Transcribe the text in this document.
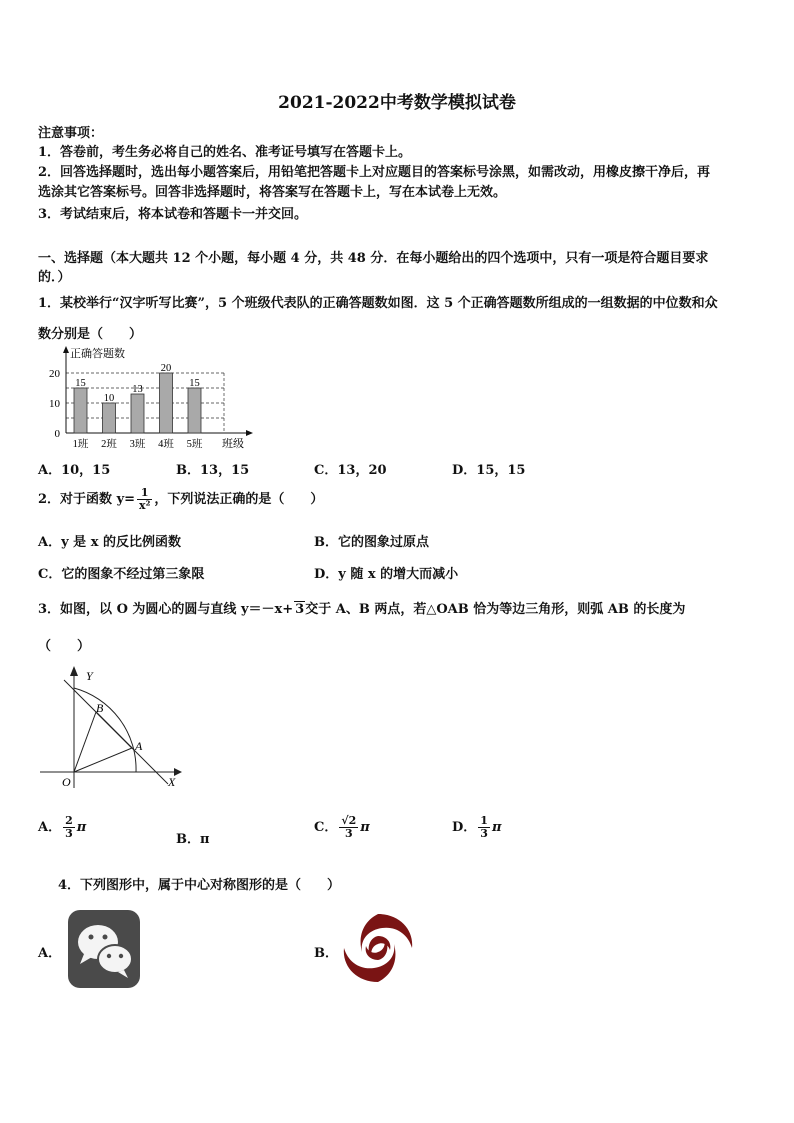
2021-2022中考数学模拟试卷
注意事项：
1．答卷前，考生务必将自己的姓名、准考证号填写在答题卡上。
2．回答选择题时，选出每小题答案后，用铅笔把答题卡上对应题目的答案标号涂黑，如需改动，用橡皮擦干净后，再
选涂其它答案标号。回答非选择题时，将答案写在答题卡上，写在本试卷上无效。
3．考试结束后，将本试卷和答题卡一并交回。
一、选择题（本大题共 12 个小题，每小题 4 分，共 48 分．在每小题给出的四个选项中，只有一项是符合题目要求
的．）
1．某校举行“汉字听写比赛”，5 个班级代表队的正确答题数如图．这 5 个正确答题数所组成的一组数据的中位数和众
数分别是（　　）
正确答题数
班级
0
10
20
15
1班
10
2班
13
3班
20
4班
15
5班
A．10，15	B．13，15	C．13，20	D．15，15
2．对于函数 $y= \frac{1}{\text{x²}}$ ，下列说法正确的是（　　）
A．y 是 x 的反比例函数	B．它的图象过原点
C．它的图象不经过第三象限	D．y 随 x 的增大而减小
3．如图，以 O 为圆心的圆与直线 y＝－x+ 3交于 A、B 两点，若△OAB 恰为等边三角形，则弧 AB 的长度为
（　　）
Y
X
O
B
A
A． $\frac{2}{3}$ π
B．π
C． $\frac{√2}{3}$ π	D． $\frac{1}{3}$ π
4．下列图形中，属于中心对称图形的是（　　）
A．	B．
